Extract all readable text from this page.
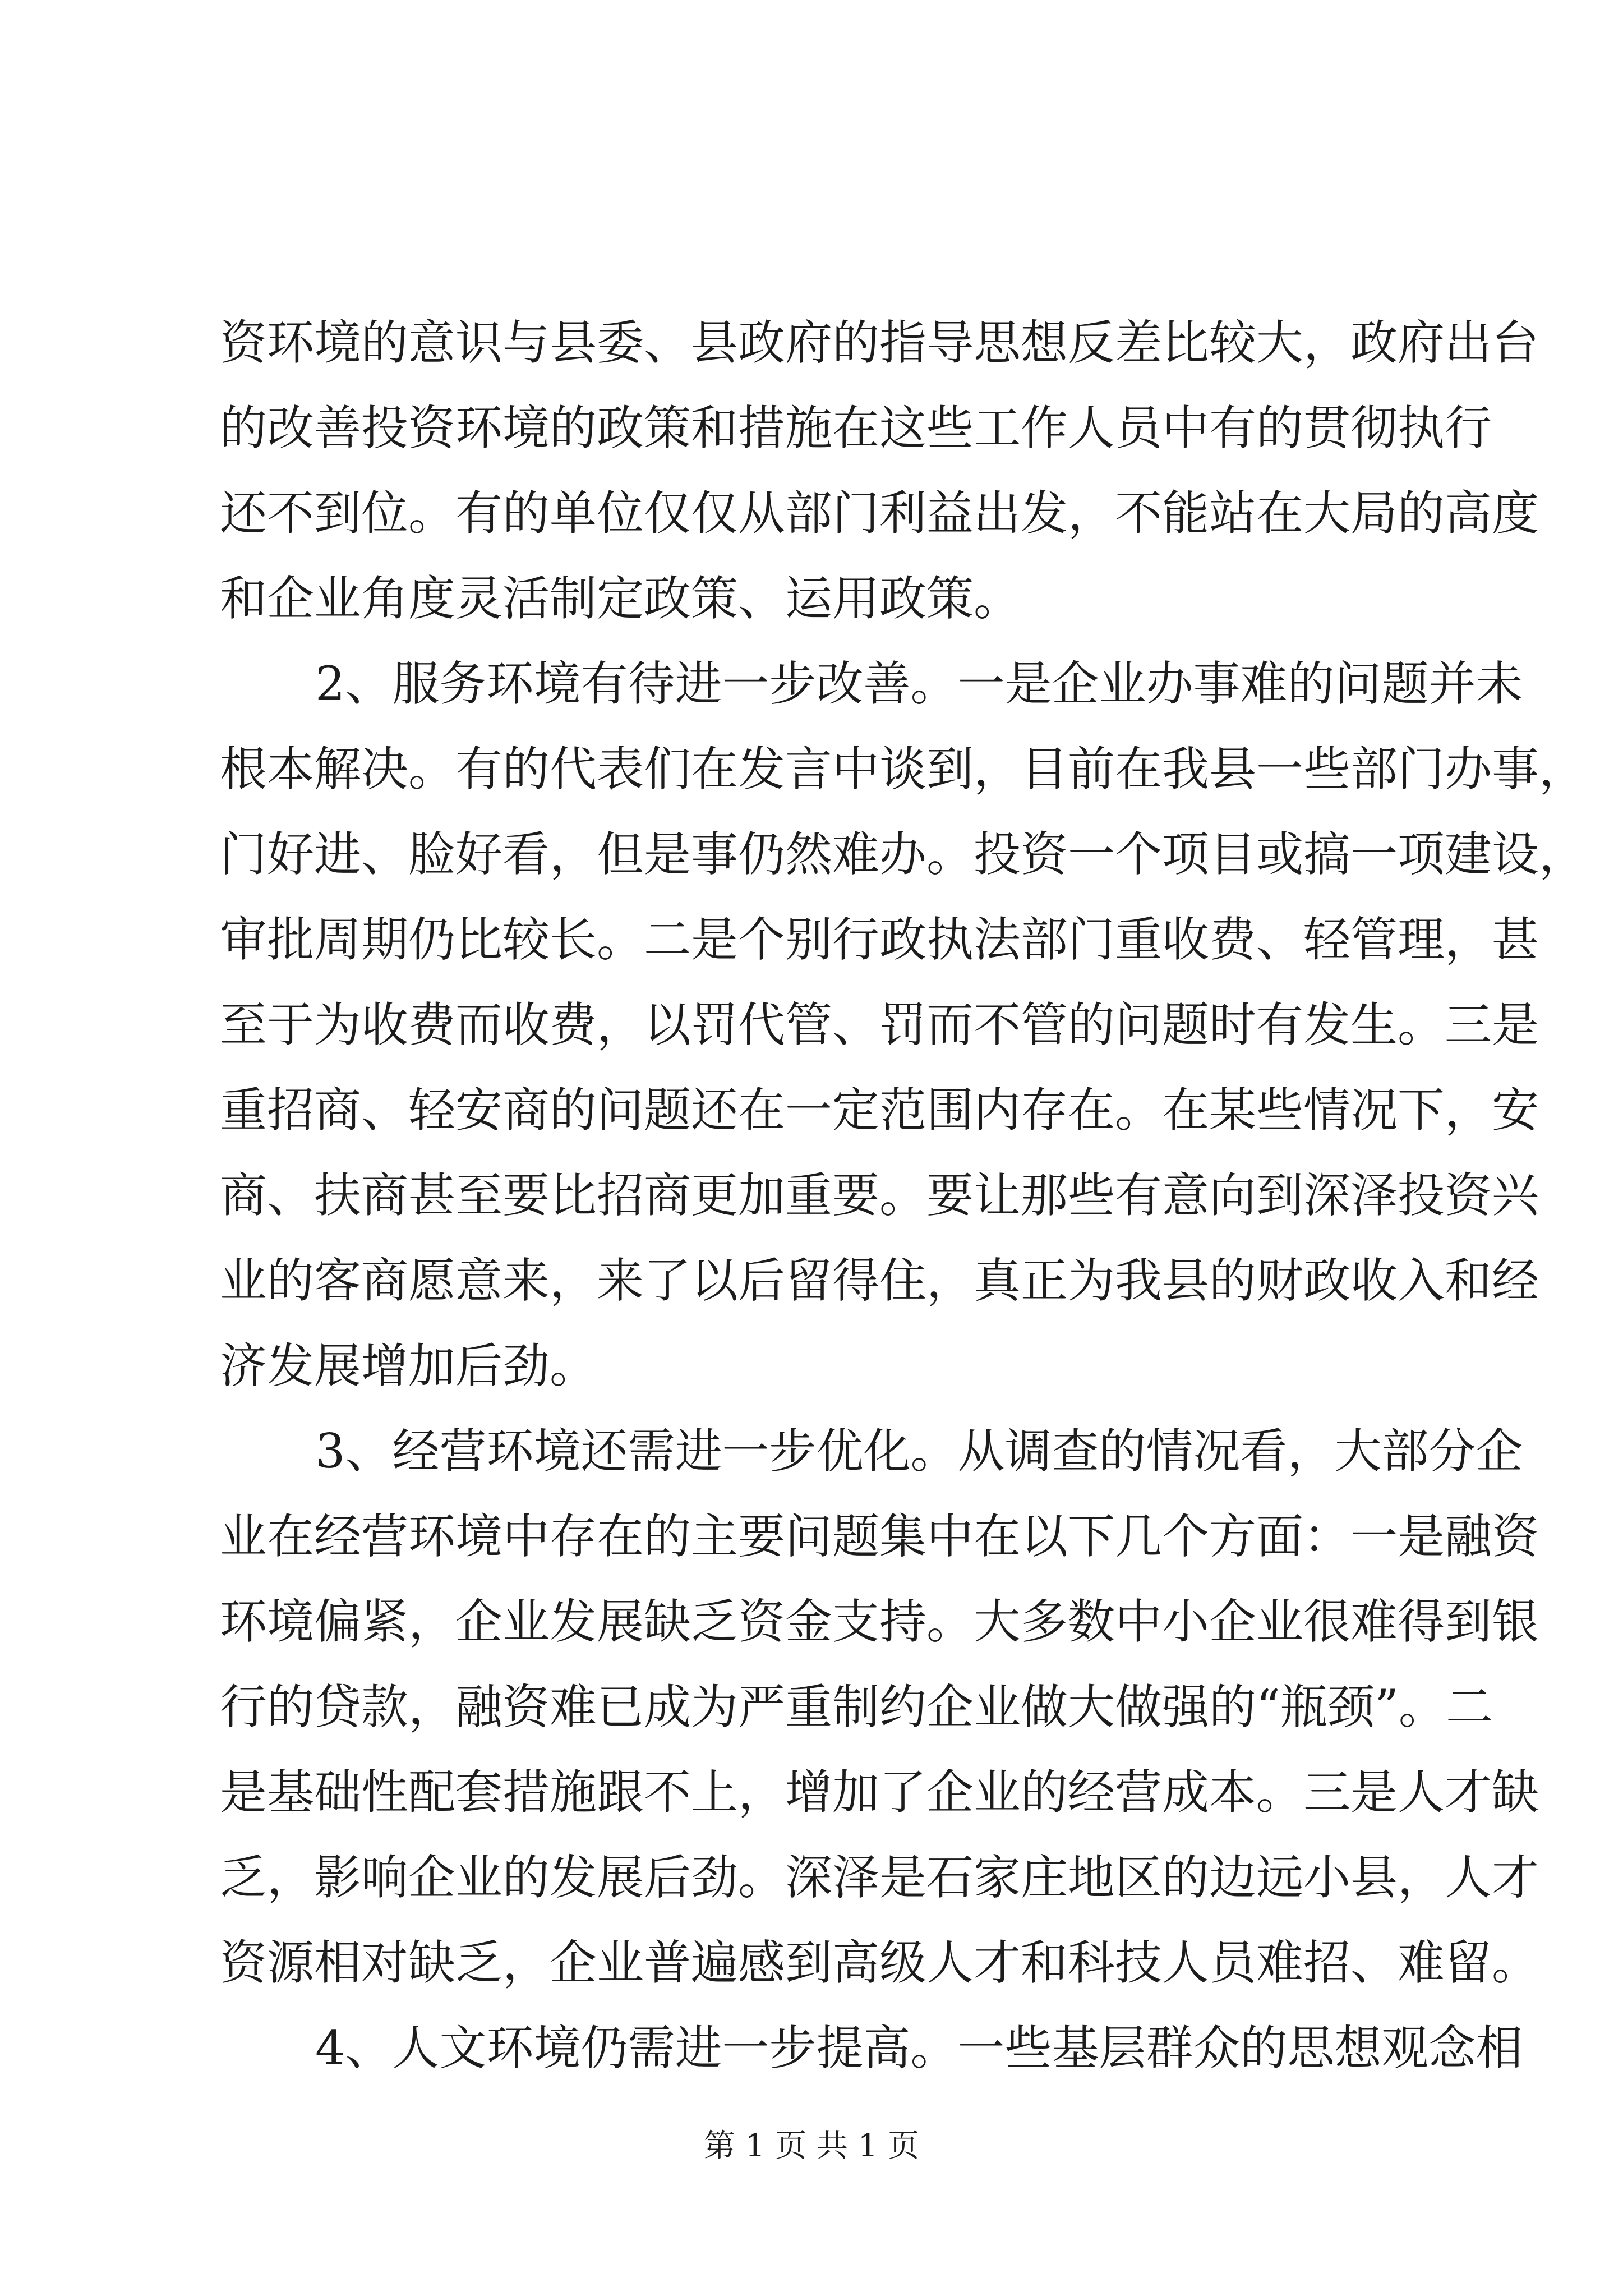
资环境的意识与县委、县政府的指导思想反差比较大，政府出台
的改善投资环境的政策和措施在这些工作人员中有的贯彻执行
还不到位。有的单位仅仅从部门利益出发，不能站在大局的高度
和企业角度灵活制定政策、运用政策。
2、服务环境有待进一步改善。一是企业办事难的问题并未
根本解决。有的代表们在发言中谈到，目前在我县一些部门办事，
门好进、脸好看，但是事仍然难办。投资一个项目或搞一项建设，
审批周期仍比较长。二是个别行政执法部门重收费、轻管理，甚
至于为收费而收费，以罚代管、罚而不管的问题时有发生。三是
重招商、轻安商的问题还在一定范围内存在。在某些情况下，安
商、扶商甚至要比招商更加重要。要让那些有意向到深泽投资兴
业的客商愿意来，来了以后留得住，真正为我县的财政收入和经
济发展增加后劲。
3、经营环境还需进一步优化。从调查的情况看，大部分企
业在经营环境中存在的主要问题集中在以下几个方面：一是融资
环境偏紧，企业发展缺乏资金支持。大多数中小企业很难得到银
行的贷款，融资难已成为严重制约企业做大做强的“瓶颈”。二
是基础性配套措施跟不上，增加了企业的经营成本。三是人才缺
乏，影响企业的发展后劲。深泽是石家庄地区的边远小县，人才
资源相对缺乏，企业普遍感到高级人才和科技人员难招、难留。
4、人文环境仍需进一步提高。一些基层群众的思想观念相
第 1 页 共 1 页
